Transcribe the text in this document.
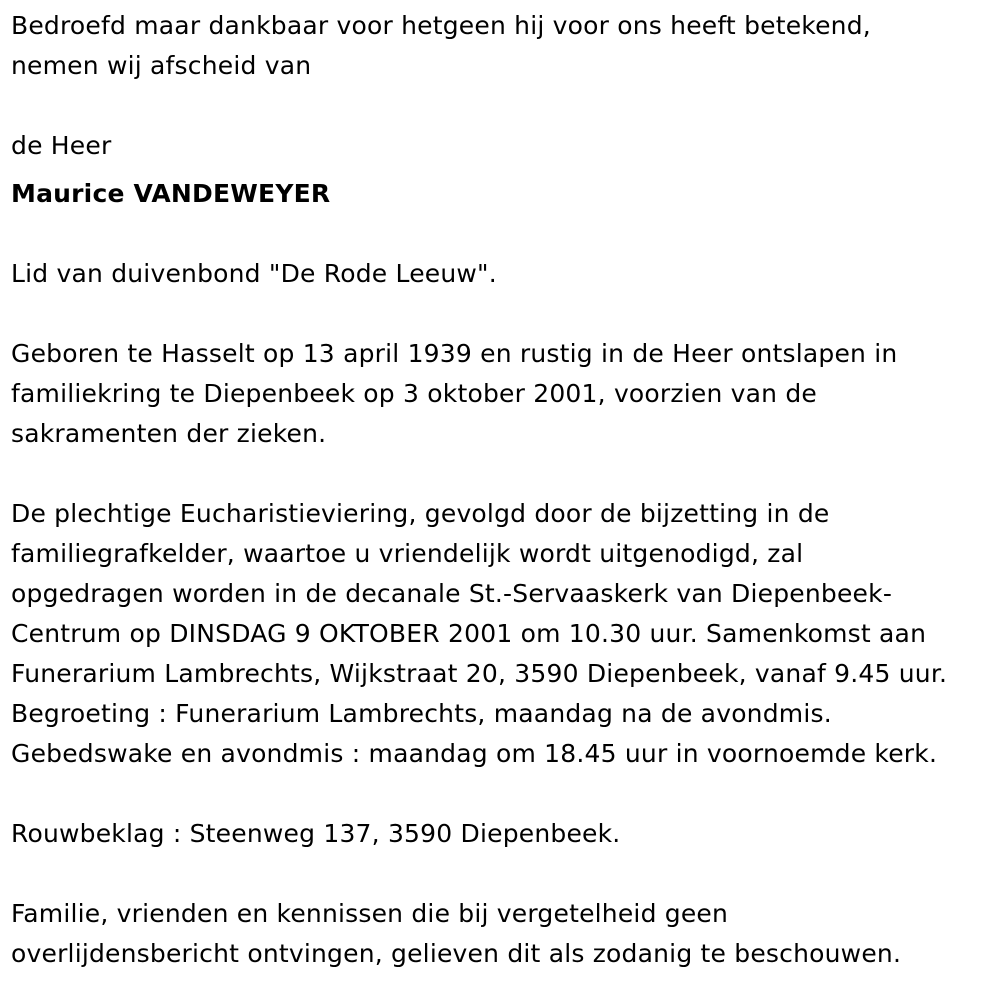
Bedroefd maar dankbaar voor hetgeen hij voor ons heeft betekend,
nemen wij afscheid van
de Heer
Maurice VANDEWEYER
Lid van duivenbond "De Rode Leeuw".
Geboren te Hasselt op 13 april 1939 en rustig in de Heer ontslapen in
familiekring te Diepenbeek op 3 oktober 2001, voorzien van de
sakramenten der zieken.
De plechtige Eucharistieviering, gevolgd door de bijzetting in de
familiegrafkelder, waartoe u vriendelijk wordt uitgenodigd, zal
opgedragen worden in de decanale St.-Servaaskerk van Diepenbeek-
Centrum op DINSDAG 9 OKTOBER 2001 om 10.30 uur. Samenkomst aan
Funerarium Lambrechts, Wijkstraat 20, 3590 Diepenbeek, vanaf 9.45 uur.
Begroeting : Funerarium Lambrechts, maandag na de avondmis.
Gebedswake en avondmis : maandag om 18.45 uur in voornoemde kerk.
Rouwbeklag : Steenweg 137, 3590 Diepenbeek.
Familie, vrienden en kennissen die bij vergetelheid geen
overlijdensbericht ontvingen, gelieven dit als zodanig te beschouwen.
